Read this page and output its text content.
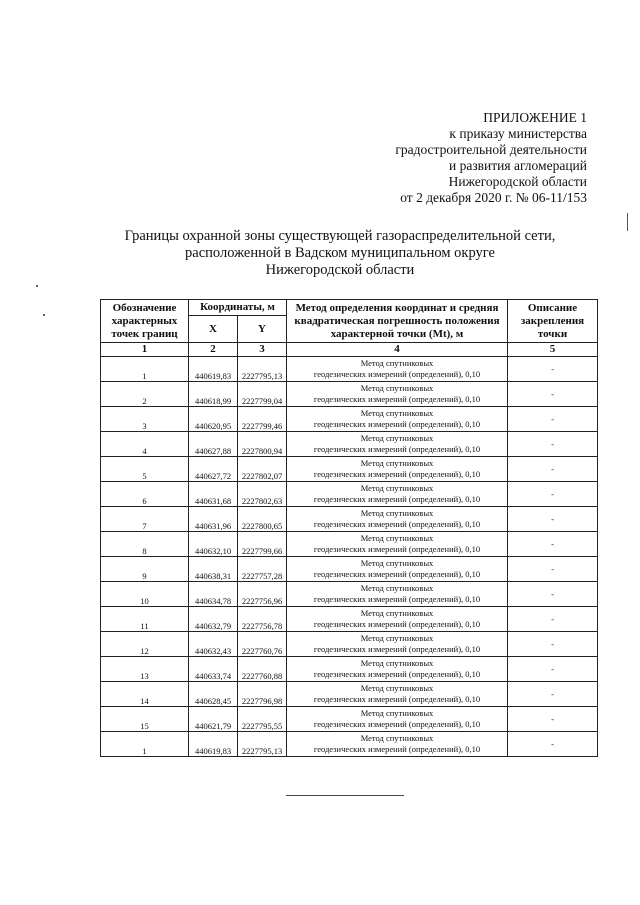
ПРИЛОЖЕНИЕ 1
к приказу министерства
градостроительной деятельности
и развития агломераций
Нижегородской области
от 2 декабря 2020 г. № 06-11/153
Границы охранной зоны существующей газораспределительной сети,
расположенной в Вадском муниципальном округе
Нижегородской области
Обозначение характерных точек границ	Координаты, м		Метод определения координат и средняя квадратическая погрешность положения характерной точки (Mt), м	Описание закрепления точки
	X	Y		
1	2	3	4	5
1	440619,83	2227795,13	Метод спутниковых
геодезических измерений (определений), 0,10	-
2	440618,99	2227799,04	Метод спутниковых
геодезических измерений (определений), 0,10	-
3	440620,95	2227799,46	Метод спутниковых
геодезических измерений (определений), 0,10	-
4	440627,88	2227800,94	Метод спутниковых
геодезических измерений (определений), 0,10	-
5	440627,72	2227802,07	Метод спутниковых
геодезических измерений (определений), 0,10	-
6	440631,68	2227802,63	Метод спутниковых
геодезических измерений (определений), 0,10	-
7	440631,96	2227800,65	Метод спутниковых
геодезических измерений (определений), 0,10	-
8	440632,10	2227799,66	Метод спутниковых
геодезических измерений (определений), 0,10	-
9	440638,31	2227757,28	Метод спутниковых
геодезических измерений (определений), 0,10	-
10	440634,78	2227756,96	Метод спутниковых
геодезических измерений (определений), 0,10	-
11	440632,79	2227756,78	Метод спутниковых
геодезических измерений (определений), 0,10	-
12	440632,43	2227760,76	Метод спутниковых
геодезических измерений (определений), 0,10	-
13	440633,74	2227760,88	Метод спутниковых
геодезических измерений (определений), 0,10	-
14	440628,45	2227796,98	Метод спутниковых
геодезических измерений (определений), 0,10	-
15	440621,79	2227795,55	Метод спутниковых
геодезических измерений (определений), 0,10	-
1	440619,83	2227795,13	Метод спутниковых
геодезических измерений (определений), 0,10	-
